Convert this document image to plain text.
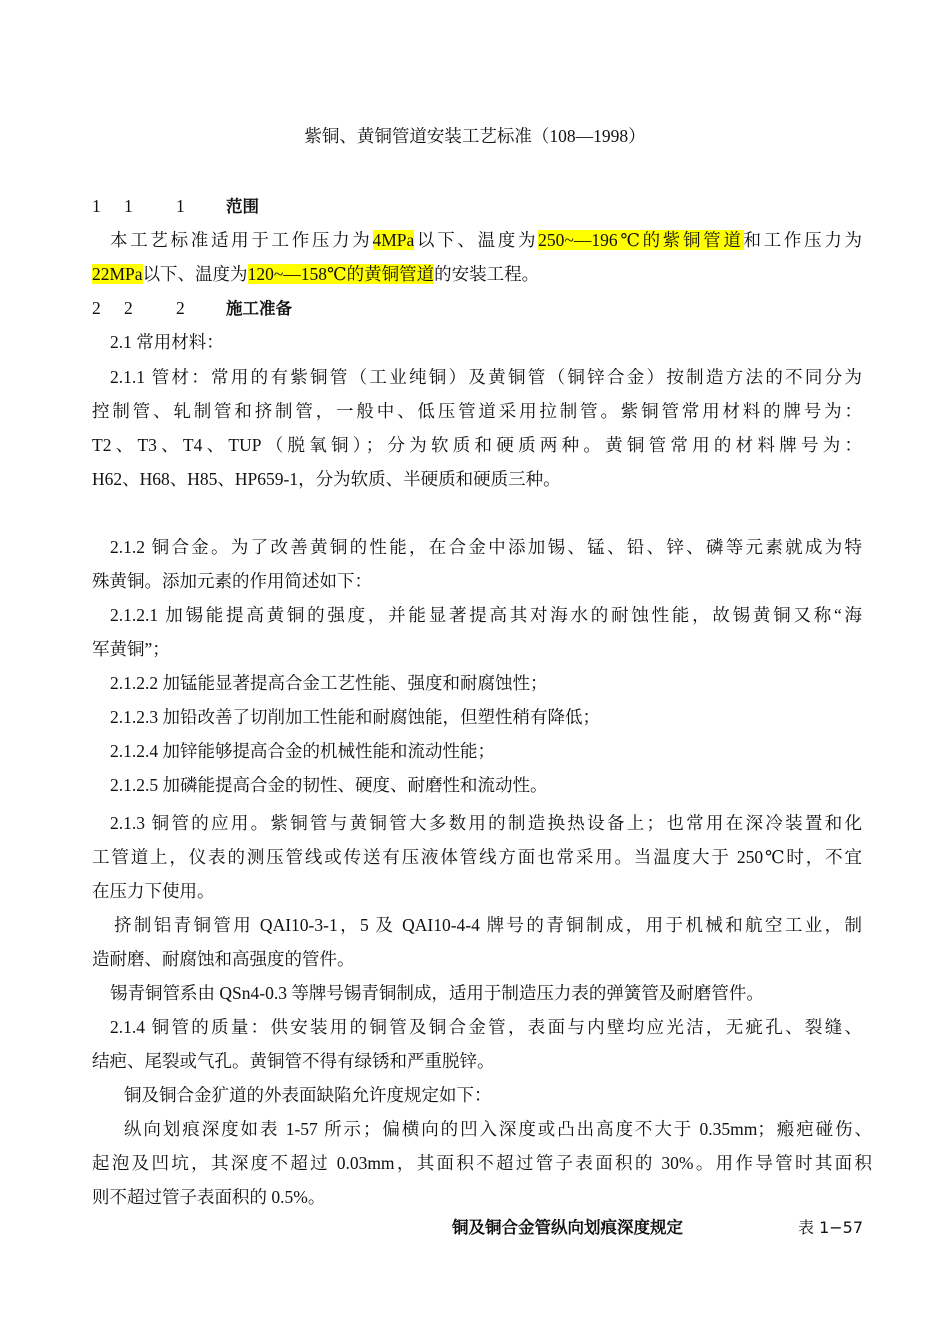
紫铜、黄铜管道安装工艺标准（108—1998）
1 1 1	范围
本工艺标准适用于工作压力为4MPa以下、温度为250~—196℃的紫铜管道和工作压力为
22MPa以下、温度为120~—158℃的黄铜管道的安装工程。
2 2 2	施工准备
2.1 常用材料：
2.1.1 管材：常用的有紫铜管（工业纯铜）及黄铜管（铜锌合金）按制造方法的不同分为
控制管、轧制管和挤制管，一般中、低压管道采用拉制管。紫铜管常用材料的牌号为：
T2、T3、T4、TUP（脱氧铜）；分为软质和硬质两种。黄铜管常用的材料牌号为：
H62、H68、H85、HP659-1，分为软质、半硬质和硬质三种。
2.1.2 铜合金。为了改善黄铜的性能，在合金中添加锡、锰、铅、锌、磷等元素就成为特
殊黄铜。添加元素的作用简述如下：
2.1.2.1 加锡能提高黄铜的强度，并能显著提高其对海水的耐蚀性能，故锡黄铜又称“海
军黄铜”；
2.1.2.2 加锰能显著提高合金工艺性能、强度和耐腐蚀性；
2.1.2.3 加铅改善了切削加工性能和耐腐蚀能，但塑性稍有降低；
2.1.2.4 加锌能够提高合金的机械性能和流动性能；
2.1.2.5 加磷能提高合金的韧性、硬度、耐磨性和流动性。
2.1.3 铜管的应用。紫铜管与黄铜管大多数用的制造换热设备上；也常用在深冷装置和化
工管道上，仪表的测压管线或传送有压液体管线方面也常采用。当温度大于 250℃时，不宜
在压力下使用。
挤制铝青铜管用 QAI10-3-1，5 及 QAI10-4-4 牌号的青铜制成，用于机械和航空工业，制
造耐磨、耐腐蚀和高强度的管件。
锡青铜管系由 QSn4-0.3 等牌号锡青铜制成，适用于制造压力表的弹簧管及耐磨管件。
2.1.4 铜管的质量：供安装用的铜管及铜合金管，表面与内壁均应光洁，无疵孔、裂缝、
结疤、尾裂或气孔。黄铜管不得有绿锈和严重脱锌。
铜及铜合金犷道的外表面缺陷允许度规定如下：
纵向划痕深度如表 1-57 所示；偏横向的凹入深度或凸出高度不大于 0.35mm；瘢疤碰伤、
起泡及凹坑，其深度不超过 0.03mm，其面积不超过管子表面积的 30%。用作导管时其面积
则不超过管子表面积的 0.5%。
铜及铜合金管纵向划痕深度规定	表 1−57
